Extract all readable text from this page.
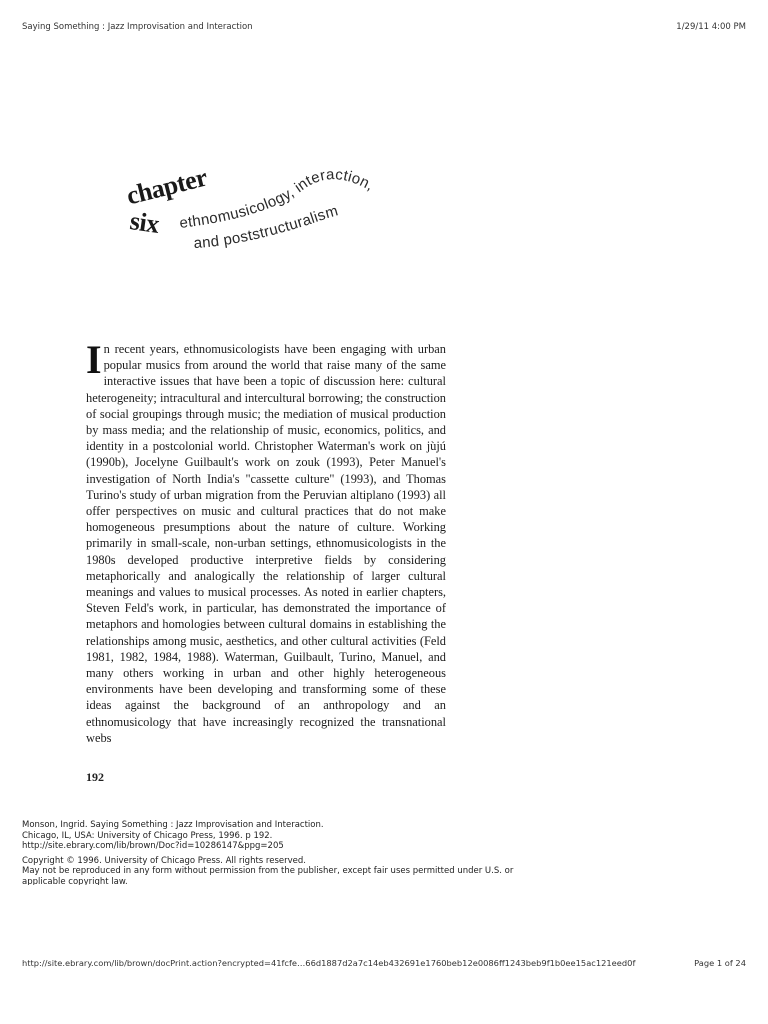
Saying Something : Jazz Improvisation and Interaction	1/29/11 4:00 PM
chapter
six ethnomusicology, interaction,
and poststructuralism
In recent years, ethnomusicologists have been engaging with urban popular musics from around the world that raise many of the same interactive issues that have been a topic of discussion here: cultural heterogeneity; intracultural and intercultural borrowing; the construction of social groupings through music; the mediation of musical production by mass media; and the relationship of music, economics, politics, and identity in a postcolonial world. Christopher Waterman's work on jùjú (1990b), Jocelyne Guilbault's work on zouk (1993), Peter Manuel's investigation of North India's "cassette culture" (1993), and Thomas Turino's study of urban migration from the Peruvian altiplano (1993) all offer perspectives on music and cultural practices that do not make homogeneous presumptions about the nature of culture. Working primarily in small-scale, non-urban settings, ethnomusicologists in the 1980s developed productive interpretive fields by considering metaphorically and analogically the relationship of larger cultural meanings and values to musical processes. As noted in earlier chapters, Steven Feld's work, in particular, has demonstrated the importance of metaphors and homologies between cultural domains in establishing the relationships among music, aesthetics, and other cultural activities (Feld 1981, 1982, 1984, 1988). Waterman, Guilbault, Turino, Manuel, and many others working in urban and other highly heterogeneous environments have been developing and transforming some of these ideas against the background of an anthropology and an ethnomusicology that have increasingly recognized the transnational webs
192
Monson, Ingrid. Saying Something : Jazz Improvisation and Interaction.
Chicago, IL, USA: University of Chicago Press, 1996. p 192.
http://site.ebrary.com/lib/brown/Doc?id=10286147&ppg=205
Copyright © 1996. University of Chicago Press. All rights reserved.
May not be reproduced in any form without permission from the publisher, except fair uses permitted under U.S. or
applicable copyright law.
http://site.ebrary.com/lib/brown/docPrint.action?encrypted=41fcfe…66d1887d2a7c14eb432691e1760beb12e0086ff1243beb9f1b0ee15ac121eed0f	Page 1 of 24
